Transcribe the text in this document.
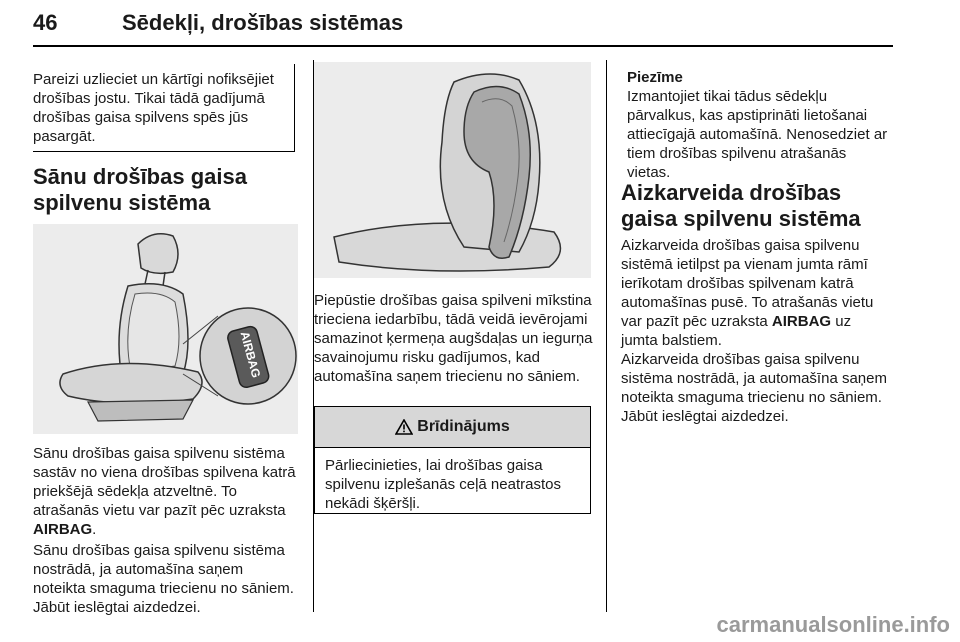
46	Sēdekļi, drošības sistēmas

Pareizi uzlieciet un kārtīgi nofiksējiet drošības jostu. Tikai tādā gadījumā drošības gaisa spilvens spēs jūs pasargāt.

Sānu drošības gaisa spilvenu sistēma

AIRBAG

Sānu drošības gaisa spilvenu sistēma sastāv no viena drošības spilvena katrā priekšējā sēdekļa atzveltnē. To atrašanās vietu var pazīt pēc uzraksta AIRBAG.

Sānu drošības gaisa spilvenu sistēma nostrādā, ja automašīna saņem noteikta smaguma triecienu no sāniem. Jābūt ieslēgtai aizdedzei.

Piepūstie drošības gaisa spilveni mīkstina trieciena iedarbību, tādā veidā ievērojami samazinot ķermeņa augšdaļas un iegurņa savainojumu risku gadījumos, kad automašīna saņem triecienu no sāniem.

Brīdinājums

Pārliecinieties, lai drošības gaisa spilvenu izplešanās ceļā neatrastos nekādi šķēršļi.

Piezīme

Izmantojiet tikai tādus sēdekļu pārvalkus, kas apstiprināti lietošanai attiecīgajā automašīnā. Nenosedziet ar tiem drošības spilvenu atrašanās vietas.

Aizkarveida drošības gaisa spilvenu sistēma

Aizkarveida drošības gaisa spilvenu sistēmā ietilpst pa vienam jumta rāmī ierīkotam drošības spilvenam katrā automašīnas pusē. To atrašanās vietu var pazīt pēc uzraksta AIRBAG uz jumta balstiem.

Aizkarveida drošības gaisa spilvenu sistēma nostrādā, ja automašīna saņem noteikta smaguma triecienu no sāniem. Jābūt ieslēgtai aizdedzei.

carmanualsonline.info
